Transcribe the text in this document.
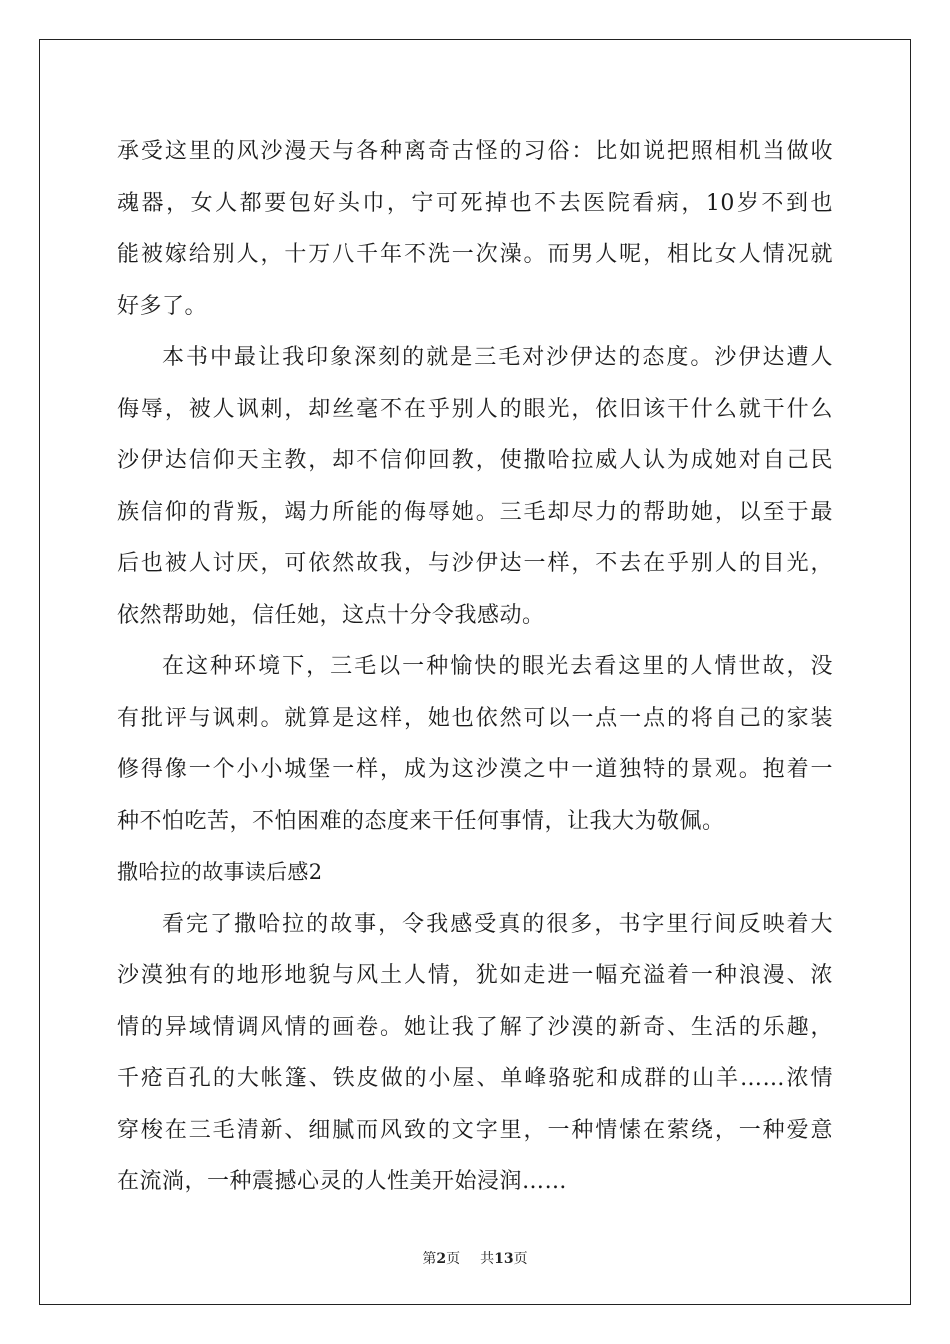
承受这里的风沙漫天与各种离奇古怪的习俗：比如说把照相机当做收
魂器，女人都要包好头巾，宁可死掉也不去医院看病，10岁不到也
能被嫁给别人，十万八千年不洗一次澡。而男人呢，相比女人情况就
好多了。
本书中最让我印象深刻的就是三毛对沙伊达的态度。沙伊达遭人
侮辱，被人讽刺，却丝毫不在乎别人的眼光，依旧该干什么就干什么
沙伊达信仰天主教，却不信仰回教，使撒哈拉威人认为成她对自己民
族信仰的背叛，竭力所能的侮辱她。三毛却尽力的帮助她，以至于最
后也被人讨厌，可依然故我，与沙伊达一样，不去在乎别人的目光，
依然帮助她，信任她，这点十分令我感动。
在这种环境下，三毛以一种愉快的眼光去看这里的人情世故，没
有批评与讽刺。就算是这样，她也依然可以一点一点的将自己的家装
修得像一个小小城堡一样，成为这沙漠之中一道独特的景观。抱着一
种不怕吃苦，不怕困难的态度来干任何事情，让我大为敬佩。
撒哈拉的故事读后感2
看完了撒哈拉的故事，令我感受真的很多，书字里行间反映着大
沙漠独有的地形地貌与风土人情，犹如走进一幅充溢着一种浪漫、浓
情的异域情调风情的画卷。她让我了解了沙漠的新奇、生活的乐趣，
千疮百孔的大帐篷、铁皮做的小屋、单峰骆驼和成群的山羊……浓情
穿梭在三毛清新、细腻而风致的文字里，一种情愫在萦绕，一种爱意
在流淌，一种震撼心灵的人性美开始浸润……
第2页 共13页
